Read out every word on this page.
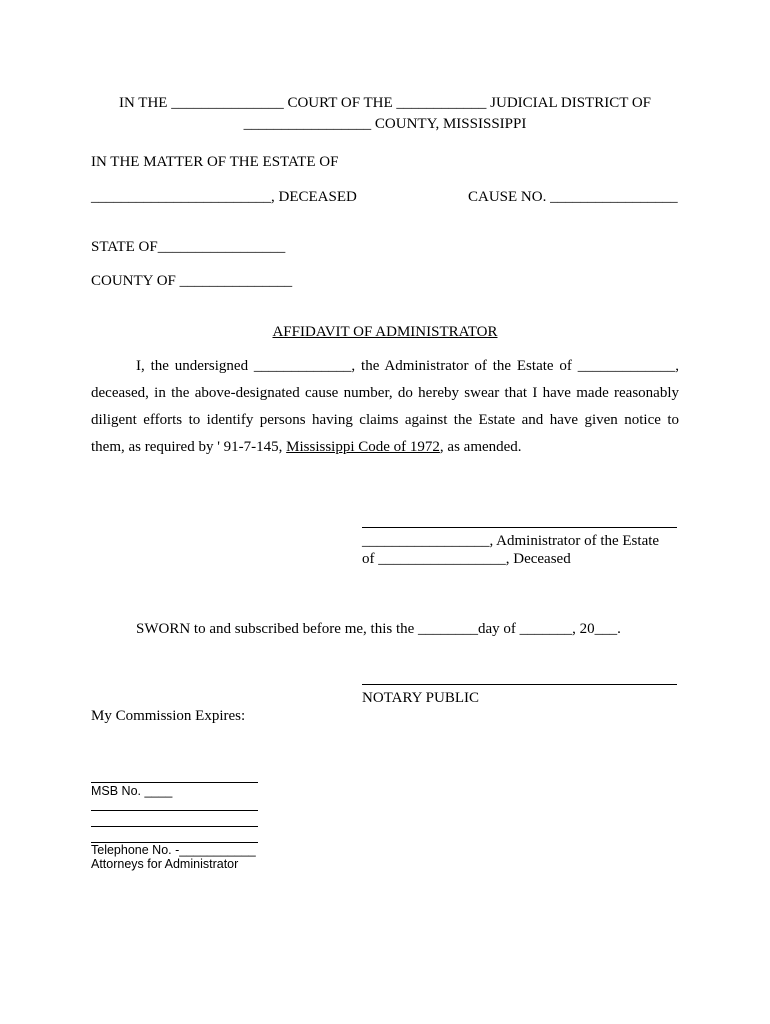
IN THE _______________ COURT OF THE ____________ JUDICIAL DISTRICT OF
_________________ COUNTY, MISSISSIPPI
IN THE MATTER OF THE ESTATE OF
________________________, DECEASED	CAUSE NO. _________________
STATE OF_________________
COUNTY OF _______________
AFFIDAVIT OF ADMINISTRATOR
I, the undersigned _____________, the Administrator of the Estate of _____________,
deceased, in the above-designated cause number, do hereby swear that I have made reasonably
diligent efforts to identify persons having claims against the Estate and have given notice to
them, as required by ' 91-7-145, Mississippi Code of 1972, as amended.
_________________, Administrator of the Estate
of _________________, Deceased
SWORN to and subscribed before me, this the ________day of _______, 20___.
NOTARY PUBLIC
My Commission Expires:
MSB No. ____
Telephone No. -___________
Attorneys for Administrator
